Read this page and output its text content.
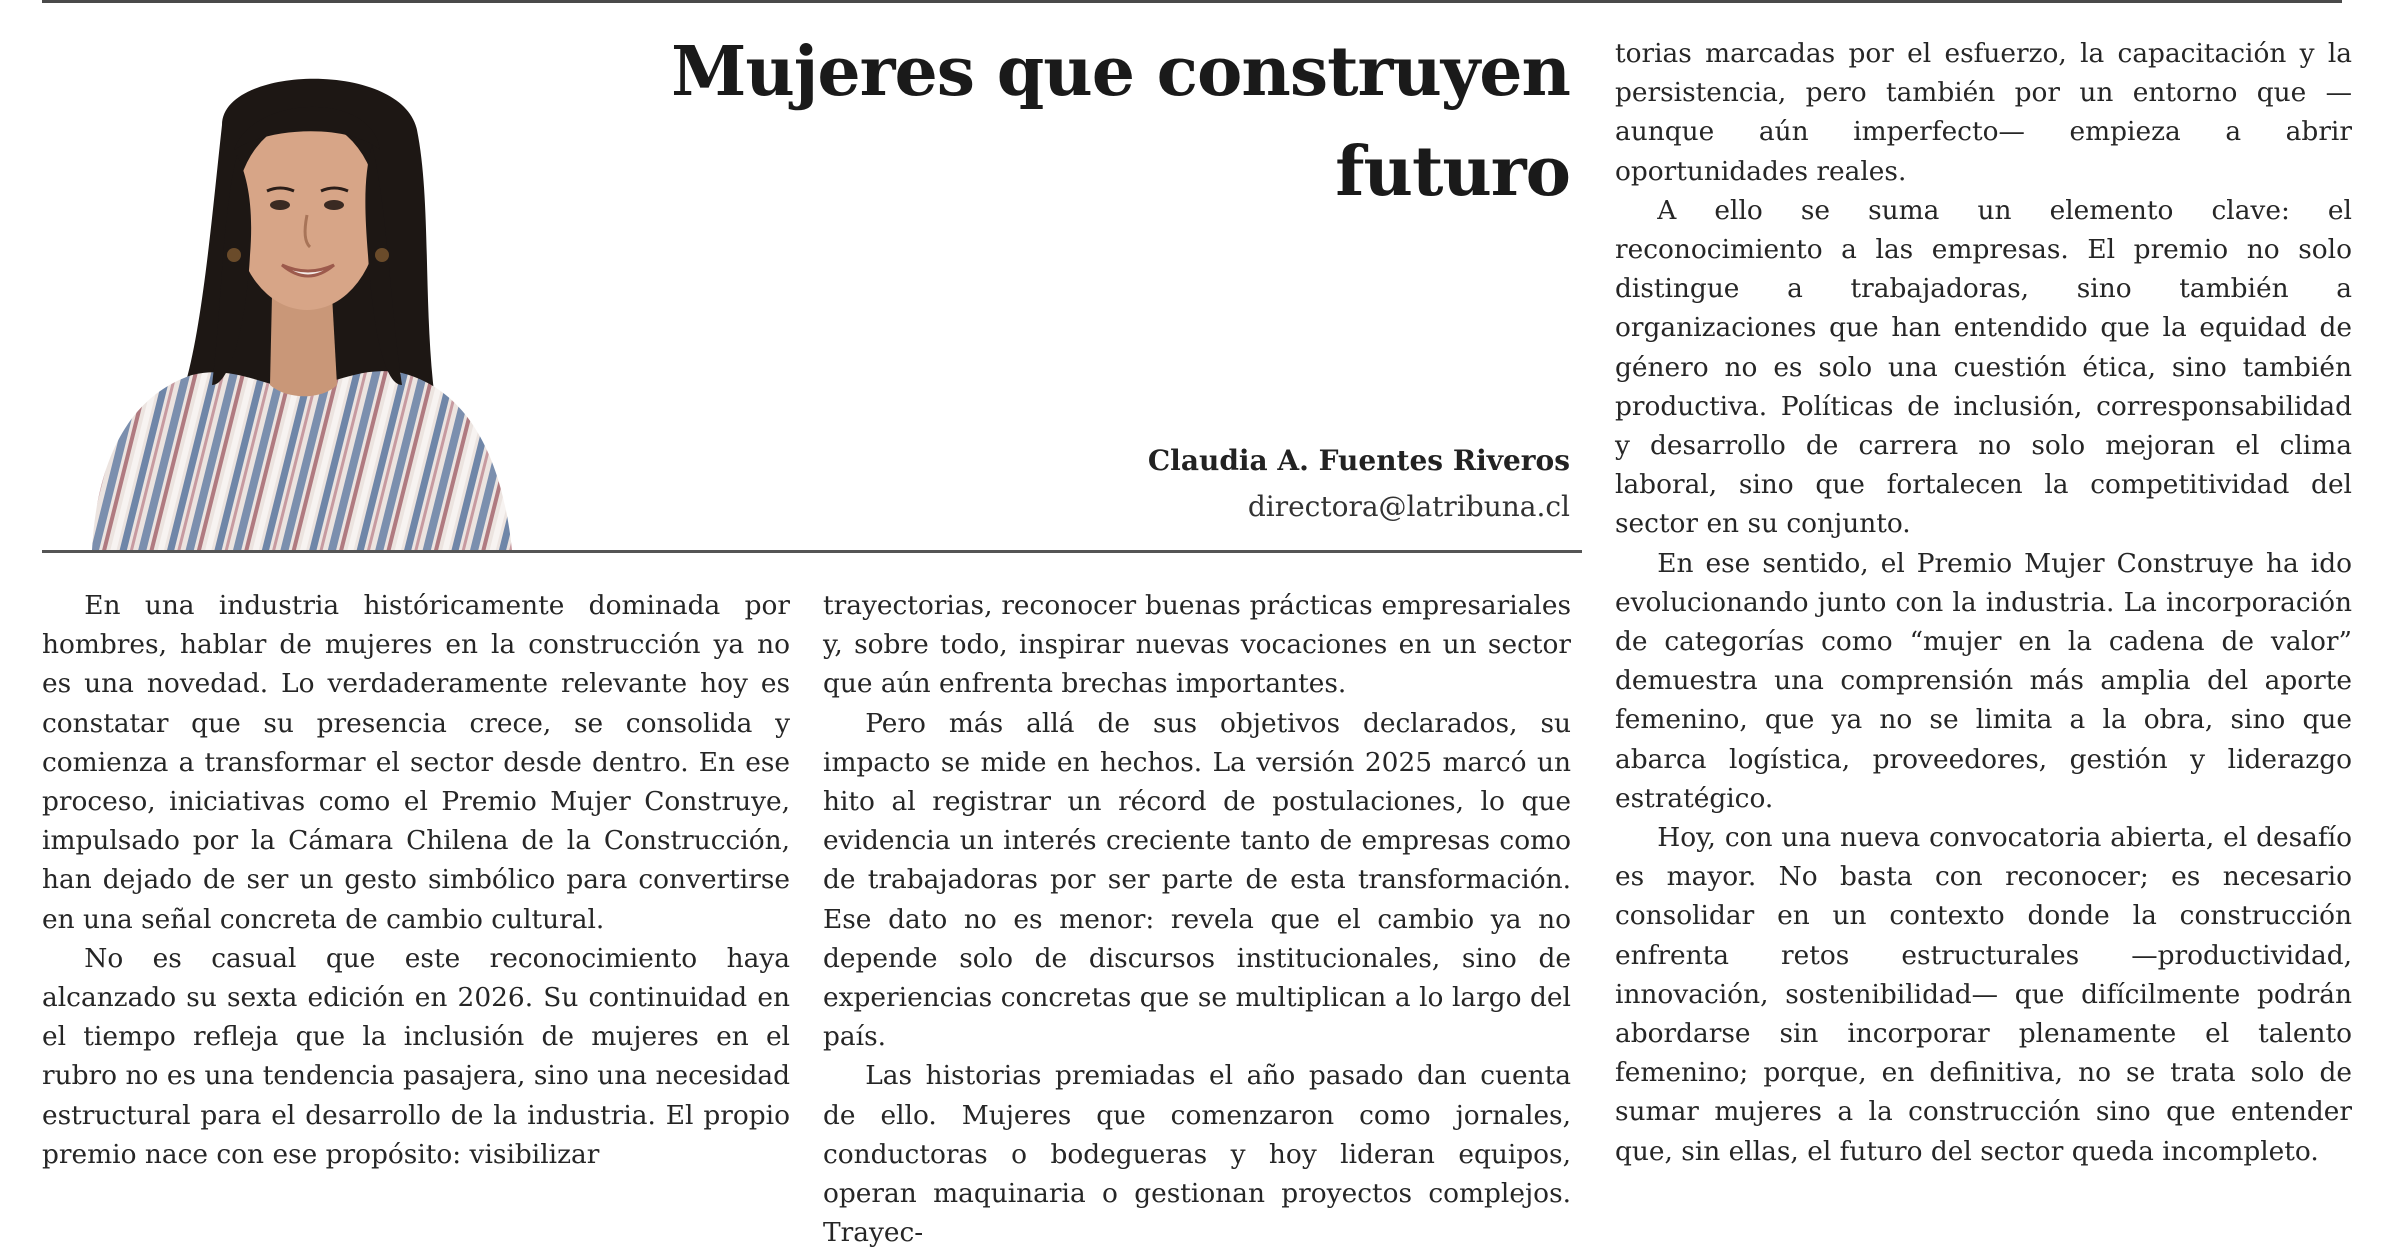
Mujeres que construyen futuro
Claudia A. Fuentes Riveros
directora@latribuna.cl

En una industria históricamente dominada por hombres, hablar de mujeres en la construcción ya no es una novedad. Lo verdaderamente relevante hoy es constatar que su presencia crece, se consolida y comienza a transformar el sector desde dentro. En ese proceso, iniciativas como el Premio Mujer Construye, impulsado por la Cámara Chilena de la Construcción, han dejado de ser un gesto simbólico para convertirse en una señal concreta de cambio cultural.

No es casual que este reconocimiento haya alcanzado su sexta edición en 2026. Su continuidad en el tiempo refleja que la inclusión de mujeres en el rubro no es una tendencia pasajera, sino una necesidad estructural para el desarrollo de la industria. El propio premio nace con ese propósito: visibilizar

trayectorias, reconocer buenas prácticas empresariales y, sobre todo, inspirar nuevas vocaciones en un sector que aún enfrenta brechas importantes.

Pero más allá de sus objetivos declarados, su impacto se mide en hechos. La versión 2025 marcó un hito al registrar un récord de postulaciones, lo que evidencia un interés creciente tanto de empresas como de trabajadoras por ser parte de esta transformación. Ese dato no es menor: revela que el cambio ya no depende solo de discursos institucionales, sino de experiencias concretas que se multiplican a lo largo del país.

Las historias premiadas el año pasado dan cuenta de ello. Mujeres que comenzaron como jornales, conductoras o bodegueras y hoy lideran equipos, operan maquinaria o gestionan proyectos complejos. Trayec-

torias marcadas por el esfuerzo, la capacitación y la persistencia, pero también por un entorno que —aunque aún imperfecto— empieza a abrir oportunidades reales.

A ello se suma un elemento clave: el reconocimiento a las empresas. El premio no solo distingue a trabajadoras, sino también a organizaciones que han entendido que la equidad de género no es solo una cuestión ética, sino también productiva. Políticas de inclusión, corresponsabilidad y desarrollo de carrera no solo mejoran el clima laboral, sino que fortalecen la competitividad del sector en su conjunto.

En ese sentido, el Premio Mujer Construye ha ido evolucionando junto con la industria. La incorporación de categorías como “mujer en la cadena de valor” demuestra una comprensión más amplia del aporte femenino, que ya no se limita a la obra, sino que abarca logística, proveedores, gestión y liderazgo estratégico.

Hoy, con una nueva convocatoria abierta, el desafío es mayor. No basta con reconocer; es necesario consolidar en un contexto donde la construcción enfrenta retos estructurales —productividad, innovación, sostenibilidad— que difícilmente podrán abordarse sin incorporar plenamente el talento femenino; porque, en definitiva, no se trata solo de sumar mujeres a la construcción sino que entender que, sin ellas, el futuro del sector queda incompleto.
